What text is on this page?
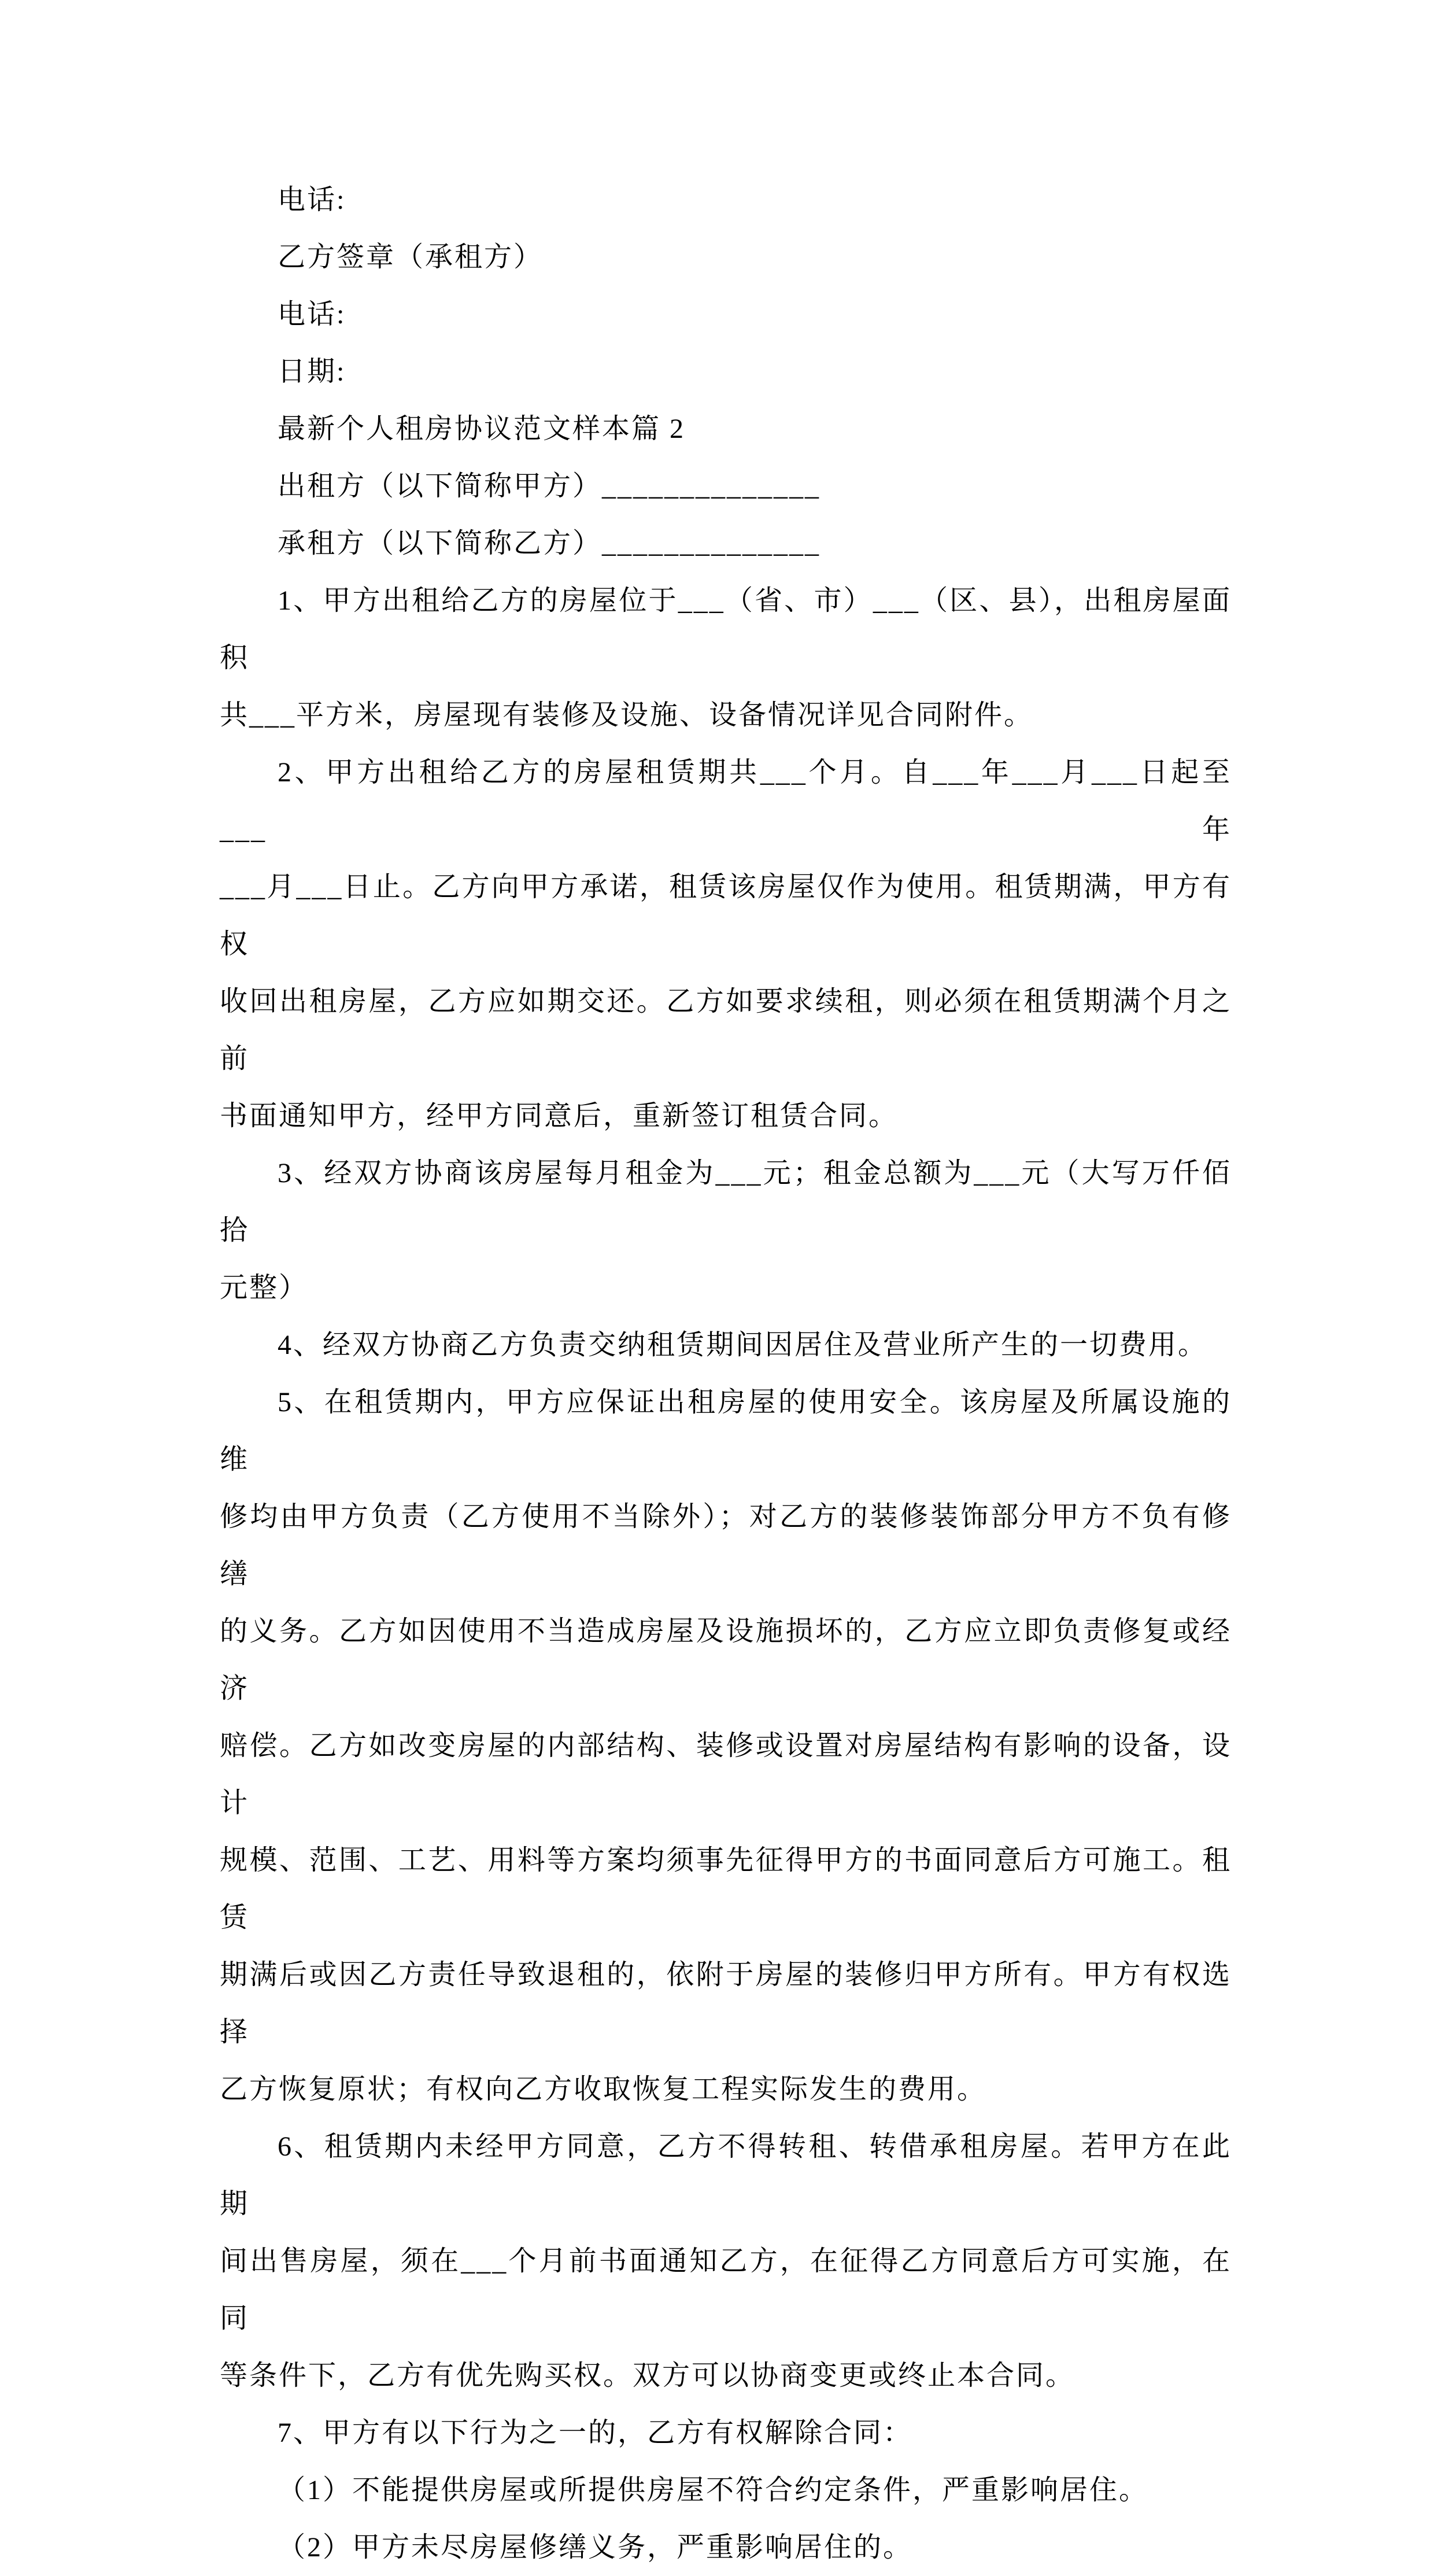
电话:
乙方签章（承租方）
电话:
日期:
最新个人租房协议范文样本篇 2
出租方（以下简称甲方）______________
承租方（以下简称乙方）______________
1、甲方出租给乙方的房屋位于___（省、市）___（区、县），出租房屋面积
共___平方米，房屋现有装修及设施、设备情况详见合同附件。
2、甲方出租给乙方的房屋租赁期共___个月。自___年___月___日起至___年
___月___日止。乙方向甲方承诺，租赁该房屋仅作为使用。租赁期满，甲方有权
收回出租房屋，乙方应如期交还。乙方如要求续租，则必须在租赁期满个月之前
书面通知甲方，经甲方同意后，重新签订租赁合同。
3、经双方协商该房屋每月租金为___元；租金总额为___元（大写万仟佰拾
元整）
4、经双方协商乙方负责交纳租赁期间因居住及营业所产生的一切费用。
5、在租赁期内，甲方应保证出租房屋的使用安全。该房屋及所属设施的维
修均由甲方负责（乙方使用不当除外）；对乙方的装修装饰部分甲方不负有修缮
的义务。乙方如因使用不当造成房屋及设施损坏的，乙方应立即负责修复或经济
赔偿。乙方如改变房屋的内部结构、装修或设置对房屋结构有影响的设备，设计
规模、范围、工艺、用料等方案均须事先征得甲方的书面同意后方可施工。租赁
期满后或因乙方责任导致退租的，依附于房屋的装修归甲方所有。甲方有权选择
乙方恢复原状；有权向乙方收取恢复工程实际发生的费用。
6、租赁期内未经甲方同意，乙方不得转租、转借承租房屋。若甲方在此期
间出售房屋，须在___个月前书面通知乙方，在征得乙方同意后方可实施，在同
等条件下，乙方有优先购买权。双方可以协商变更或终止本合同。
7、甲方有以下行为之一的，乙方有权解除合同：
（1）不能提供房屋或所提供房屋不符合约定条件，严重影响居住。
（2）甲方未尽房屋修缮义务，严重影响居住的。
